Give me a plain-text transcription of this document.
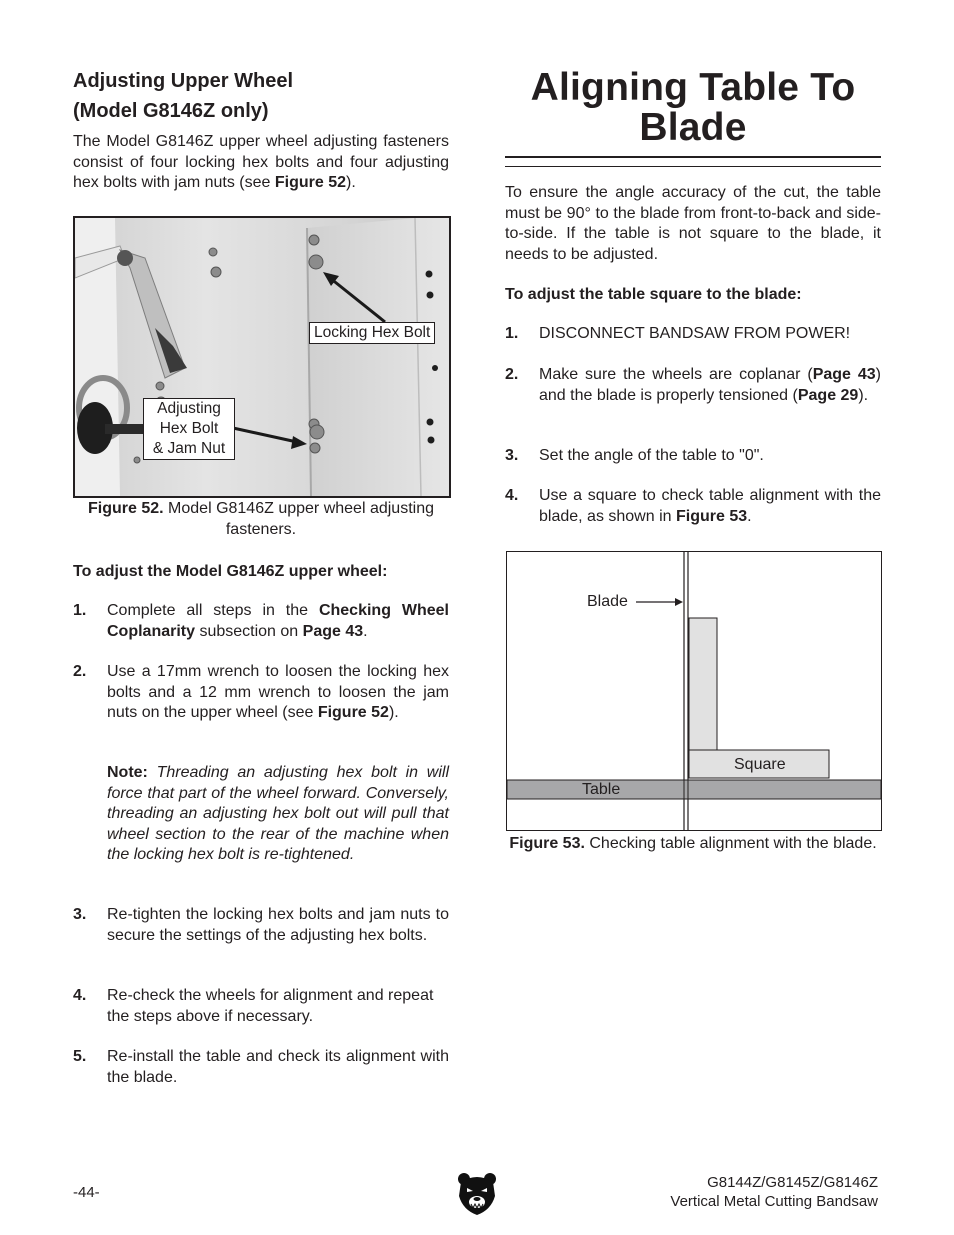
Adjusting Upper Wheel
(Model G8146Z only)
The Model G8146Z upper wheel adjusting fasteners consist of four locking hex bolts and four adjusting hex bolts with jam nuts (see Figure 52).
Locking Hex Bolt
Adjusting
Hex Bolt
& Jam Nut
Figure 52. Model G8146Z upper wheel adjusting fasteners.
To adjust the Model G8146Z upper wheel:
1. Complete all steps in the Checking Wheel Coplanarity subsection on Page 43.
2. Use a 17mm wrench to loosen the locking hex bolts and a 12 mm wrench to loosen the jam nuts on the upper wheel (see Figure 52).
Note: Threading an adjusting hex bolt in will force that part of the wheel forward. Conversely, threading an adjusting hex bolt out will pull that wheel section to the rear of the machine when the locking hex bolt is re-tightened.
3. Re-tighten the locking hex bolts and jam nuts to secure the settings of the adjusting hex bolts.
4. Re-check the wheels for alignment and repeat the steps above if necessary.
5. Re-install the table and check its alignment with the blade.
Aligning Table To
Blade
To ensure the angle accuracy of the cut, the table must be 90° to the blade from front-to-back and side-to-side. If the table is not square to the blade, it needs to be adjusted.
To adjust the table square to the blade:
1. DISCONNECT BANDSAW FROM POWER!
2. Make sure the wheels are coplanar (Page 43) and the blade is properly tensioned (Page 29).
3. Set the angle of the table to "0".
4. Use a square to check table alignment with the blade, as shown in Figure 53.
Blade
Square
Table
Figure 53. Checking table alignment with the blade.
-44-
G8144Z/G8145Z/G8146Z
Vertical Metal Cutting Bandsaw
